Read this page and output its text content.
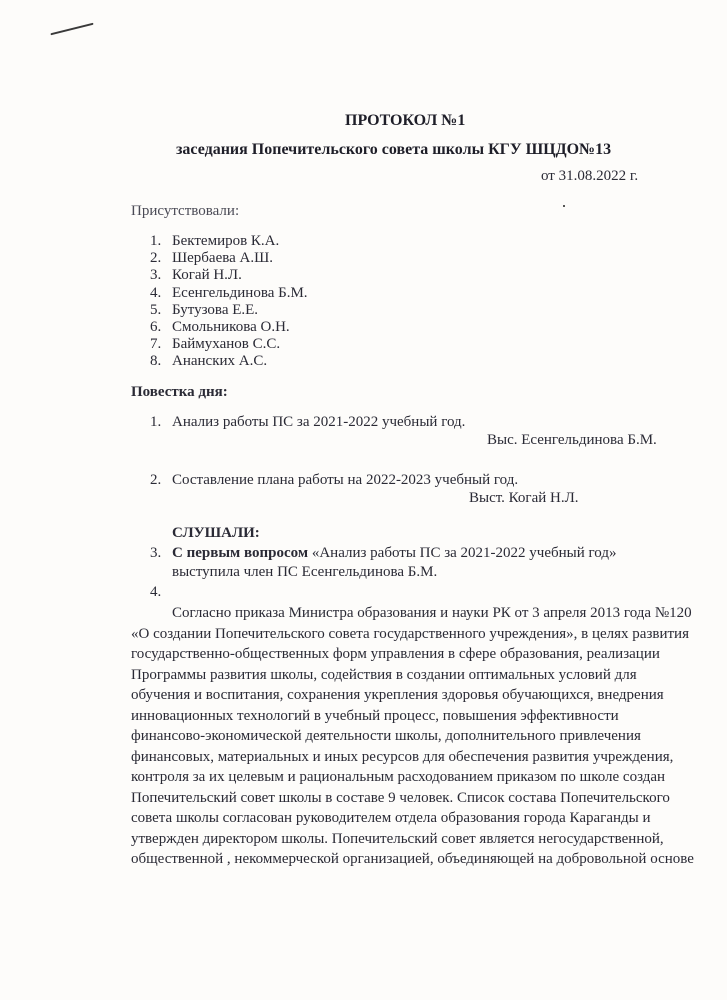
ПРОТОКОЛ №1
заседания Попечительского совета школы КГУ ШЦДО№13
от 31.08.2022 г.
Присутствовали:
1. Бектемиров К.А.
2. Шербаева А.Ш.
3. Когай Н.Л.
4. Есенгельдинова Б.М.
5. Бутузова Е.Е.
6. Смольникова О.Н.
7. Баймуханов С.С.
8. Ананских А.С.
Повестка дня:
1. Анализ работы ПС за 2021-2022 учебный год.
Выс. Есенгельдинова Б.М.
2. Составление плана работы на 2022-2023 учебный год.
Выст. Когай Н.Л.
СЛУШАЛИ:
3. С первым вопросом «Анализ работы ПС за 2021-2022 учебный год»
выступила член ПС Есенгельдинова Б.М.
4.

Согласно приказа Министра образования и науки РК от 3 апреля 2013 года №120 «О создании Попечительского совета государственного учреждения», в целях развития государственно-общественных форм управления в сфере образования, реализации Программы развития школы, содействия в создании оптимальных условий для обучения и воспитания, сохранения укрепления здоровья обучающихся, внедрения инновационных технологий в учебный процесс, повышения эффективности финансово-экономической деятельности школы, дополнительного привлечения финансовых, материальных и иных ресурсов для обеспечения развития учреждения, контроля за их целевым и рациональным расходованием приказом по школе создан Попечительский совет школы в составе 9 человек. Список состава Попечительского совета школы согласован руководителем отдела образования города Караганды и утвержден директором школы. Попечительский совет является негосударственной, общественной , некоммерческой организацией, объединяющей на добровольной основе
